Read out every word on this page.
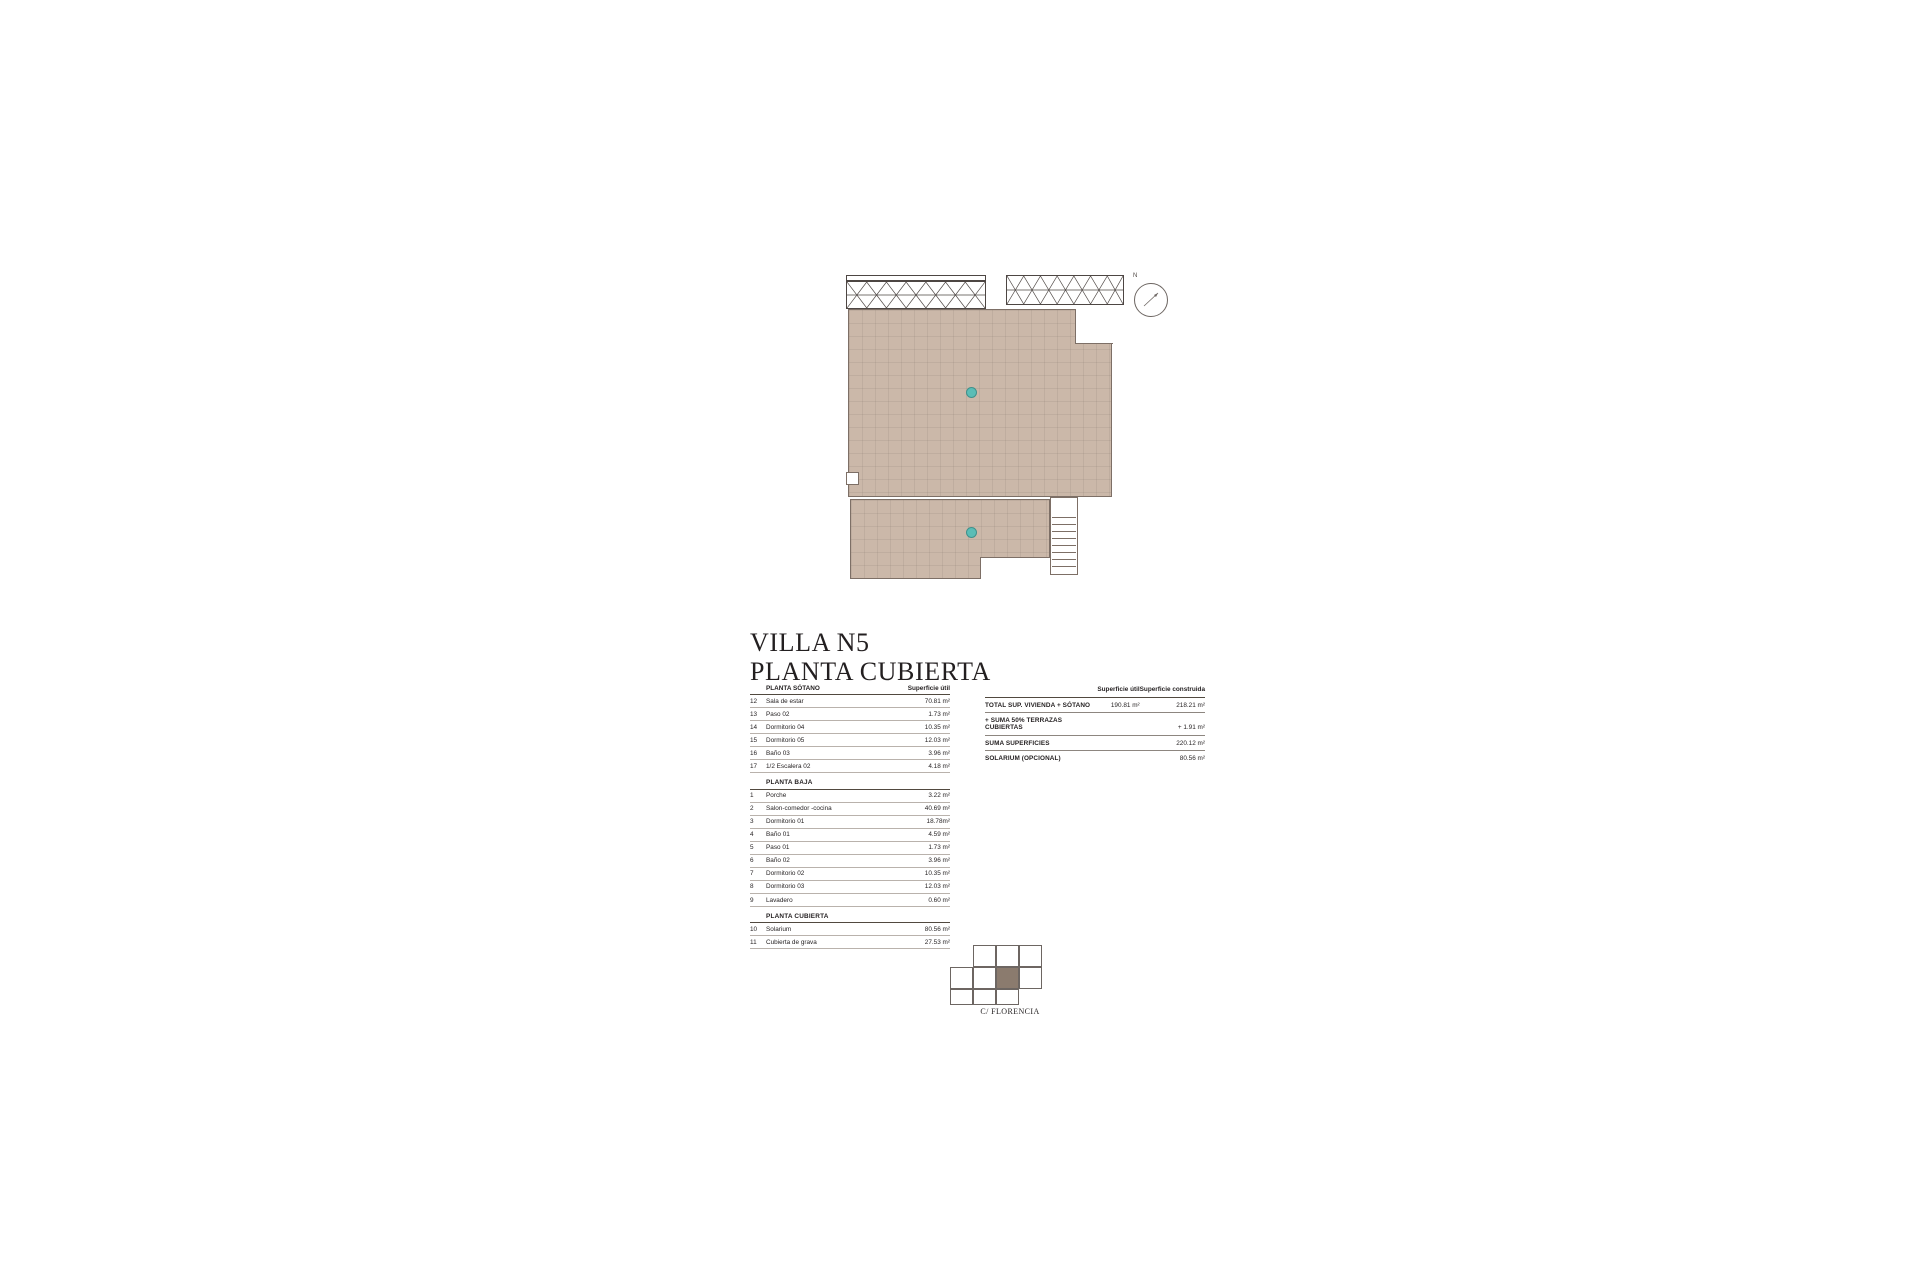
N
VILLA N5
PLANTA CUBIERTA
	PLANTA SÓTANO	Superficie útil
12	Sala de estar	70.81 m²
13	Paso 02	1.73 m²
14	Dormitorio 04	10.35 m²
15	Dormitorio 05	12.03 m²
16	Baño 03	3.96 m²
17	1/2 Escalera 02	4.18 m²
	PLANTA BAJA	
1	Porche	3.22 m²
2	Salon-comedor -cocina	40.69 m²
3	Dormitorio 01	18.78m²
4	Baño 01	4.59 m²
5	Paso 01	1.73 m²
6	Baño 02	3.96 m²
7	Dormitorio 02	10.35 m²
8	Dormitorio 03	12.03 m²
9	Lavadero	0.60 m²
	PLANTA CUBIERTA	
10	Solarium	80.56 m²
11	Cubierta de grava	27.53 m²
	Superficie útil	Superficie construida
TOTAL SUP. VIVIENDA + SÓTANO	190.81 m²	218.21 m²
+ SUMA 50% TERRAZAS CUBIERTAS		+ 1.91 m²
SUMA SUPERFICIES		220.12 m²
SOLARIUM (OPCIONAL)		80.56 m²
C/ FLORENCIA
